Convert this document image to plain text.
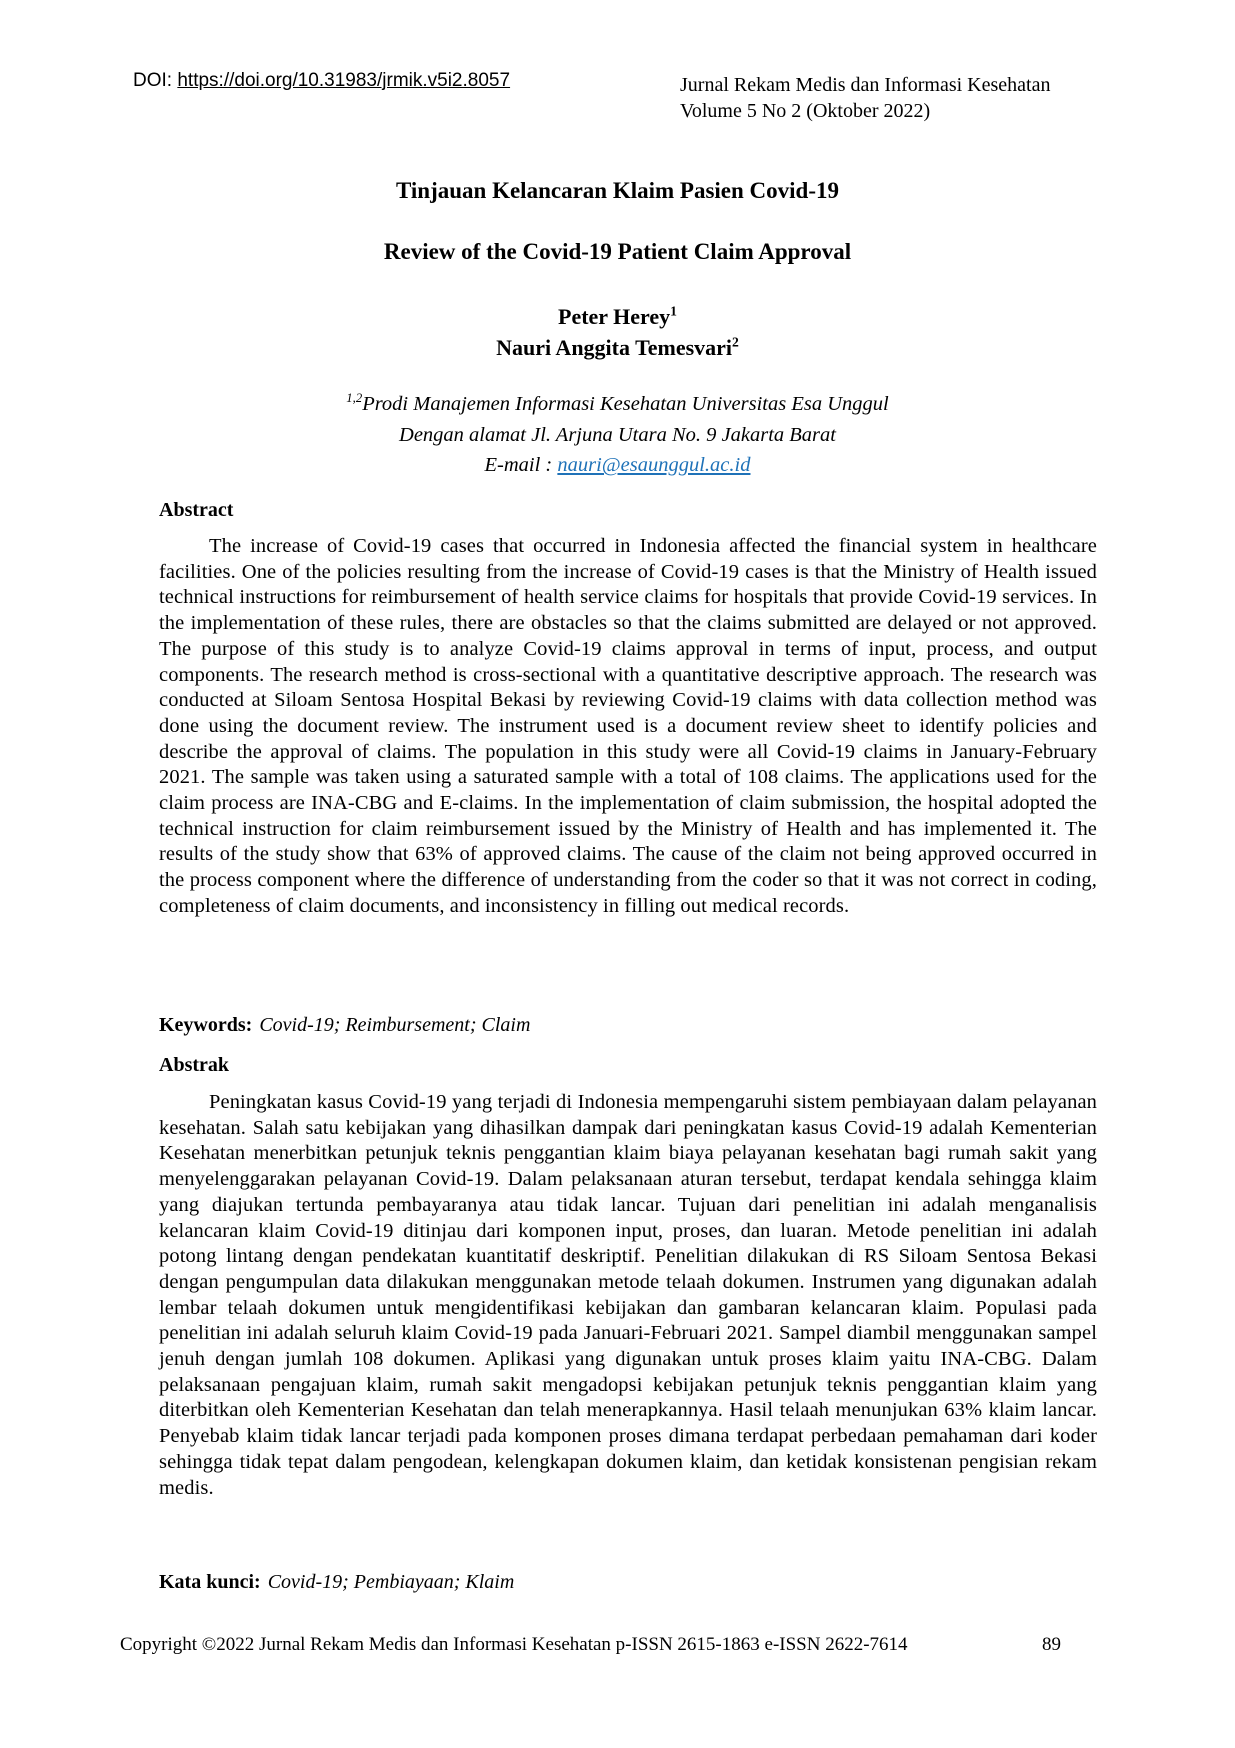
DOI: https://doi.org/10.31983/jrmik.v5i2.8057	Jurnal Rekam Medis dan Informasi Kesehatan
Volume 5 No 2 (Oktober 2022)
Tinjauan Kelancaran Klaim Pasien Covid-19
Review of the Covid-19 Patient Claim Approval
Peter Herey$^1$
Nauri Anggita Temesvari$^2$
$^{1,2}$Prodi Manajemen Informasi Kesehatan Universitas Esa Unggul
Dengan alamat Jl. Arjuna Utara No. 9 Jakarta Barat
E-mail : nauri@esaunggul.ac.id
Abstract

The increase of Covid-19 cases that occurred in Indonesia affected the financial system in healthcare facilities. One of the policies resulting from the increase of Covid-19 cases is that the Ministry of Health issued technical instructions for reimbursement of health service claims for hospitals that provide Covid-19 services. In the implementation of these rules, there are obstacles so that the claims submitted are delayed or not approved. The purpose of this study is to analyze Covid-19 claims approval in terms of input, process, and output components. The research method is cross-sectional with a quantitative descriptive approach. The research was conducted at Siloam Sentosa Hospital Bekasi by reviewing Covid-19 claims with data collection method was done using the document review. The instrument used is a document review sheet to identify policies and describe the approval of claims. The population in this study were all Covid-19 claims in January-February 2021. The sample was taken using a saturated sample with a total of 108 claims. The applications used for the claim process are INA-CBG and E-claims. In the implementation of claim submission, the hospital adopted the technical instruction for claim reimbursement issued by the Ministry of Health and has implemented it. The results of the study show that 63% of approved claims. The cause of the claim not being approved occurred in the process component where the difference of understanding from the coder so that it was not correct in coding, completeness of claim documents, and inconsistency in filling out medical records.

Keywords: Covid-19; Reimbursement; Claim

Abstrak

Peningkatan kasus Covid-19 yang terjadi di Indonesia mempengaruhi sistem pembiayaan dalam pelayanan kesehatan. Salah satu kebijakan yang dihasilkan dampak dari peningkatan kasus Covid-19 adalah Kementerian Kesehatan menerbitkan petunjuk teknis penggantian klaim biaya pelayanan kesehatan bagi rumah sakit yang menyelenggarakan pelayanan Covid-19. Dalam pelaksanaan aturan tersebut, terdapat kendala sehingga klaim yang diajukan tertunda pembayaranya atau tidak lancar. Tujuan dari penelitian ini adalah menganalisis kelancaran klaim Covid-19 ditinjau dari komponen input, proses, dan luaran. Metode penelitian ini adalah potong lintang dengan pendekatan kuantitatif deskriptif. Penelitian dilakukan di RS Siloam Sentosa Bekasi dengan pengumpulan data dilakukan menggunakan metode telaah dokumen. Instrumen yang digunakan adalah lembar telaah dokumen untuk mengidentifikasi kebijakan dan gambaran kelancaran klaim. Populasi pada penelitian ini adalah seluruh klaim Covid-19 pada Januari-Februari 2021. Sampel diambil menggunakan sampel jenuh dengan jumlah 108 dokumen. Aplikasi yang digunakan untuk proses klaim yaitu INA-CBG. Dalam pelaksanaan pengajuan klaim, rumah sakit mengadopsi kebijakan petunjuk teknis penggantian klaim yang diterbitkan oleh Kementerian Kesehatan dan telah menerapkannya. Hasil telaah menunjukan 63% klaim lancar. Penyebab klaim tidak lancar terjadi pada komponen proses dimana terdapat perbedaan pemahaman dari koder sehingga tidak tepat dalam pengodean, kelengkapan dokumen klaim, dan ketidak konsistenan pengisian rekam medis.

Kata kunci: Covid-19; Pembiayaan; Klaim

Copyright ©2022 Jurnal Rekam Medis dan Informasi Kesehatan p-ISSN 2615-1863 e-ISSN 2622-7614	89
